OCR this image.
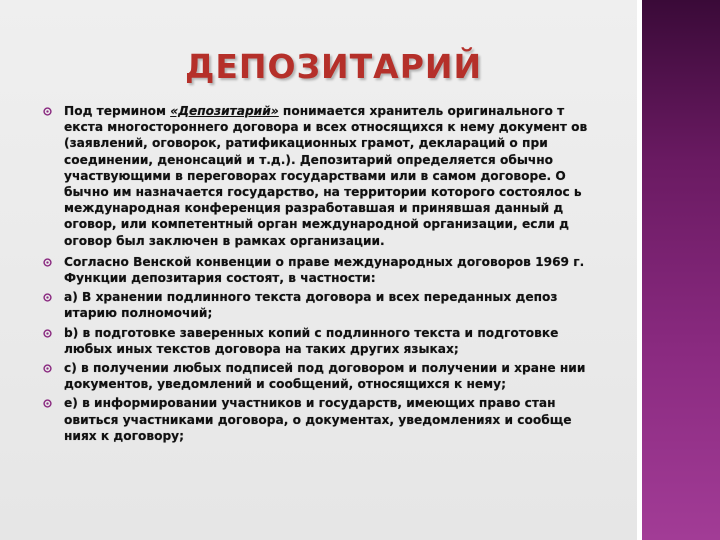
ДЕПОЗИТАРИЙ
Под термином «Депозитарий» понимается хранитель оригинального т екста многостороннего договора и всех относящихся к нему документ ов (заявлений, оговорок, ратификационных грамот, деклараций о при соединении, денонсаций и т.д.). Депозитарий определяется обычно участвующими в переговорах государствами или в самом договоре. О бычно им назначается государство, на территории которого состоялос ь международная конференция разработавшая и принявшая данный д оговор, или компетентный орган международной организации, если д оговор был заключен в рамках организации.
Согласно Венской конвенции о праве международных договоров 1969 г. Функции депозитария состоят, в частности:
а) В хранении подлинного текста договора и всех переданных депоз итарию полномочий;
b) в подготовке заверенных копий с подлинного текста и подготовке любых иных текстов договора на таких других языках;
с) в получении любых подписей под договором и получении и хране нии документов, уведомлений и сообщений, относящихся к нему;
е) в информировании участников и государств, имеющих право стан овиться участниками договора, о документах, уведомлениях и сообще ниях к договору;
